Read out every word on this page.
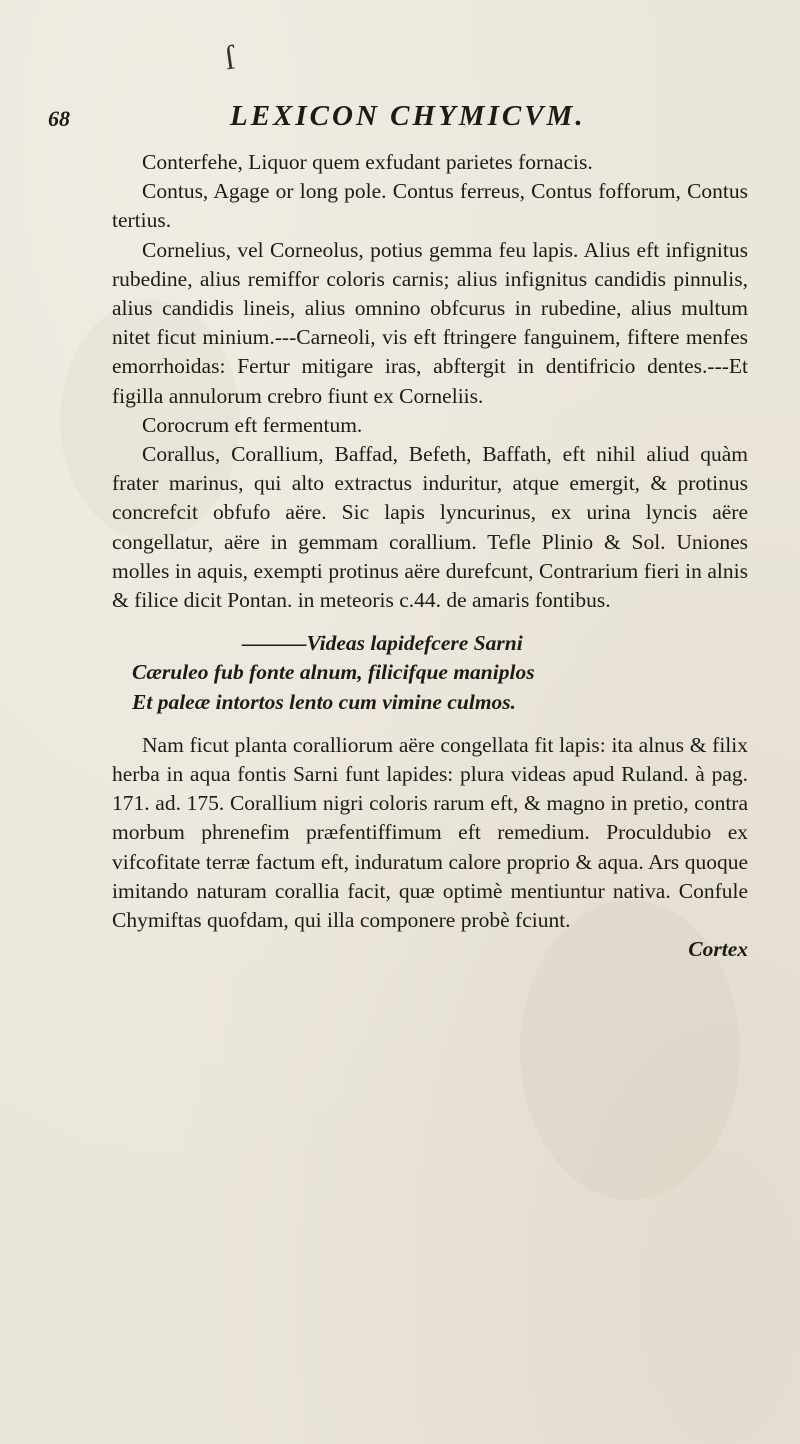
ſ
68	LEXICON CHYMICVM.

Conterfehe, Liquor quem exfudant parietes fornacis.

Contus, Agage or long pole. Contus ferreus, Contus fofforum, Contus tertius.

Cornelius, vel Corneolus, potius gemma feu lapis. Alius eft infignitus rubedine, alius remiffor coloris carnis; alius infignitus candidis pinnulis, alius candidis lineis, alius omnino obfcurus in rubedine, alius multum nitet ficut minium.---Carneoli, vis eft ftringere fanguinem, fiftere menfes emorrhoidas: Fertur mitigare iras, abftergit in dentifricio dentes.---Et figilla annulorum crebro fiunt ex Corneliis.

Corocrum eft fermentum.

Corallus, Corallium, Baffad, Befeth, Baffath, eft nihil aliud quàm frater marinus, qui alto extractus induritur, atque emergit, & protinus concrefcit obfufo aëre. Sic lapis lyncurinus, ex urina lyncis aëre congellatur, aëre in gemmam corallium. Tefle Plinio & Sol. Uniones molles in aquis, exempti protinus aëre durefcunt, Contrarium fieri in alnis & filice dicit Pontan. in meteoris c.44. de amaris fontibus.

———Videas lapidefcere Sarni

Cæruleo fub fonte alnum, filicifque maniplos

Et paleæ intortos lento cum vimine culmos.

Nam ficut planta coralliorum aëre congellata fit lapis: ita alnus & filix herba in aqua fontis Sarni funt lapides: plura videas apud Ruland. à pag. 171. ad. 175. Corallium nigri coloris rarum eft, & magno in pretio, contra morbum phrenefim præfentiffimum eft remedium. Proculdubio ex vifcofitate terræ factum eft, induratum calore proprio & aqua. Ars quoque imitando naturam corallia facit, quæ optimè mentiuntur nativa. Confule Chymiftas quofdam, qui illa componere probè fciunt.

Cortex
